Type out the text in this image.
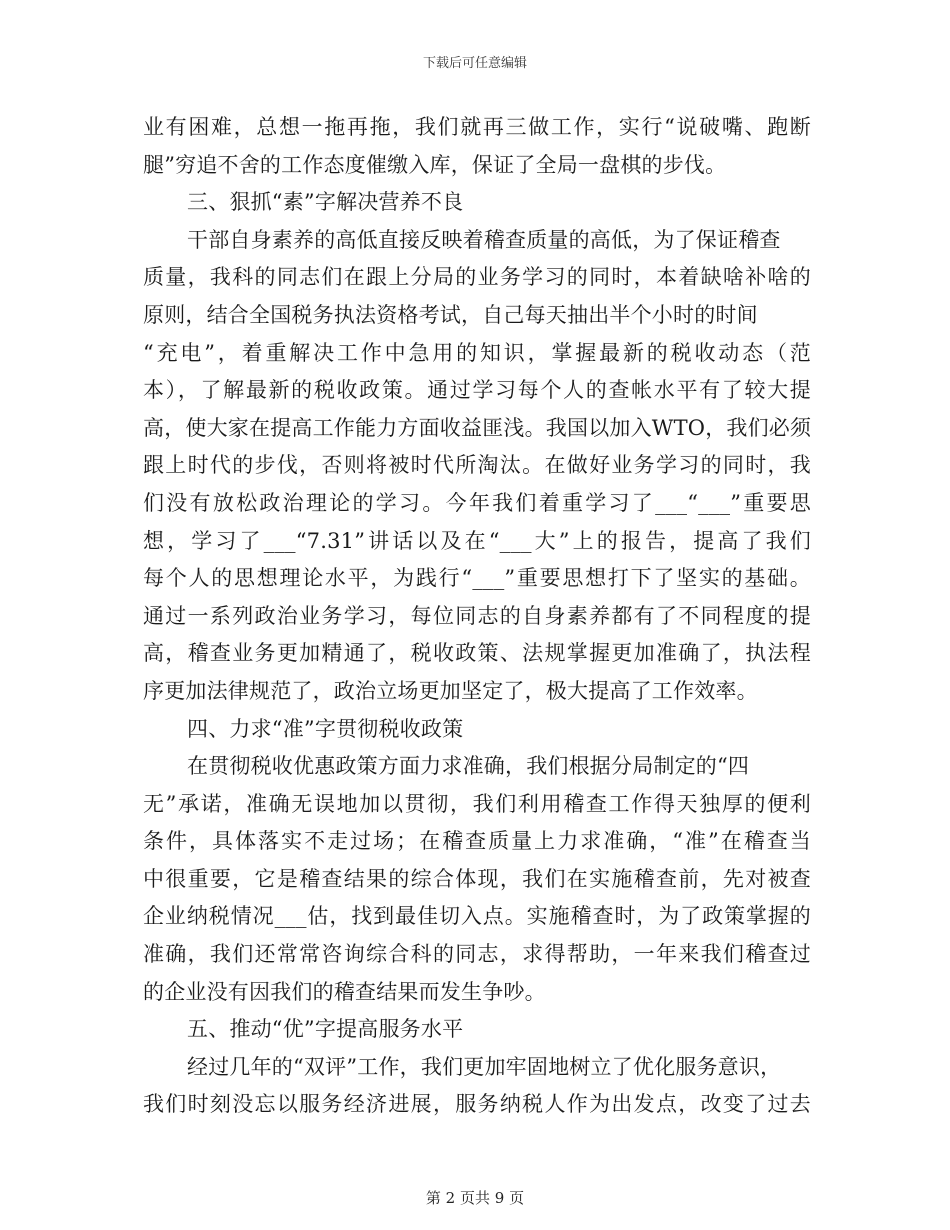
下载后可任意编辑
业有困难，总想一拖再拖，我们就再三做工作，实行“说破嘴、跑断
腿”穷追不舍的工作态度催缴入库，保证了全局一盘棋的步伐。
三、狠抓“素”字解决营养不良
干部自身素养的高低直接反映着稽查质量的高低，为了保证稽查
质量，我科的同志们在跟上分局的业务学习的同时，本着缺啥补啥的
原则，结合全国税务执法资格考试，自己每天抽出半个小时的时间
“充电”，着重解决工作中急用的知识，掌握最新的税收动态（范
本），了解最新的税收政策。通过学习每个人的查帐水平有了较大提
高，使大家在提高工作能力方面收益匪浅。我国以加入WTO，我们必须
跟上时代的步伐，否则将被时代所淘汰。在做好业务学习的同时，我
们没有放松政治理论的学习。今年我们着重学习了___“___”重要思
想，学习了___“7.31”讲话以及在“___大”上的报告，提高了我们
每个人的思想理论水平，为践行“___”重要思想打下了坚实的基础。
通过一系列政治业务学习，每位同志的自身素养都有了不同程度的提
高，稽查业务更加精通了，税收政策、法规掌握更加准确了，执法程
序更加法律规范了，政治立场更加坚定了，极大提高了工作效率。
四、力求“准”字贯彻税收政策
在贯彻税收优惠政策方面力求准确，我们根据分局制定的“四
无”承诺，准确无误地加以贯彻，我们利用稽查工作得天独厚的便利
条件，具体落实不走过场；在稽查质量上力求准确，“准”在稽查当
中很重要，它是稽查结果的综合体现，我们在实施稽查前，先对被查
企业纳税情况___估，找到最佳切入点。实施稽查时，为了政策掌握的
准确，我们还常常咨询综合科的同志，求得帮助，一年来我们稽查过
的企业没有因我们的稽查结果而发生争吵。
五、推动“优”字提高服务水平
经过几年的“双评”工作，我们更加牢固地树立了优化服务意识，
我们时刻没忘以服务经济进展，服务纳税人作为出发点，改变了过去
第 2 页共 9 页
